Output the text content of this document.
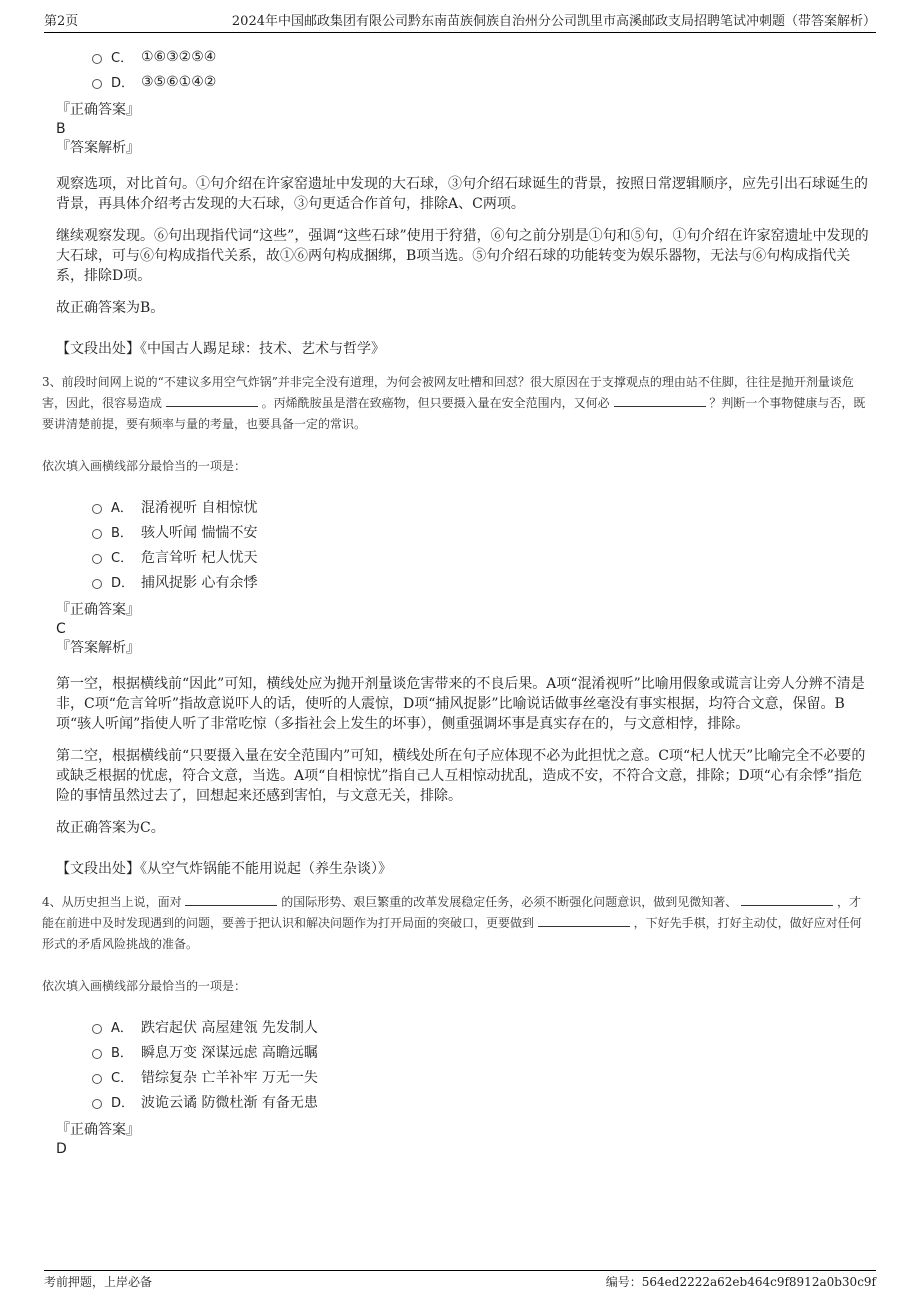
第2页	2024年中国邮政集团有限公司黔东南苗族侗族自治州分公司凯里市高溪邮政支局招聘笔试冲刺题（带答案解析）
C． ①⑥③②⑤④
D． ③⑤⑥①④②
『正确答案』
B
『答案解析』
观察选项，对比首句。①句介绍在许家窑遗址中发现的大石球，③句介绍石球诞生的背景，按照日常逻辑顺序，应先引出石球诞生的背景，再具体介绍考古发现的大石球，③句更适合作首句，排除A、C两项。
继续观察发现。⑥句出现指代词“这些”，强调“这些石球”使用于狩猎，⑥句之前分别是①句和⑤句，①句介绍在许家窑遗址中发现的大石球，可与⑥句构成指代关系，故①⑥两句构成捆绑，B项当选。⑤句介绍石球的功能转变为娱乐器物，无法与⑥句构成指代关系，排除D项。
故正确答案为B。
【文段出处】《中国古人踢足球：技术、艺术与哲学》
3、前段时间网上说的“不建议多用空气炸锅”并非完全没有道理，为何会被网友吐槽和回怼？很大原因在于支撑观点的理由站不住脚，往往是抛开剂量谈危害，因此，很容易造成	。丙烯酰胺虽是潜在致癌物，但只要摄入量在安全范围内，又何必	？判断一个事物健康与否，既要讲清楚前提，要有频率与量的考量，也要具备一定的常识。
依次填入画横线部分最恰当的一项是：
A． 混淆视听 自相惊忧
B． 骇人听闻 惴惴不安
C． 危言耸听 杞人忧天
D． 捕风捉影 心有余悸
『正确答案』
C
『答案解析』
第一空，根据横线前“因此”可知，横线处应为抛开剂量谈危害带来的不良后果。A项“混淆视听”比喻用假象或谎言让旁人分辨不清是非，C项“危言耸听”指故意说吓人的话，使听的人震惊，D项“捕风捉影”比喻说话做事丝毫没有事实根据，均符合文意，保留。B项“骇人听闻”指使人听了非常吃惊（多指社会上发生的坏事），侧重强调坏事是真实存在的，与文意相悖，排除。
第二空，根据横线前“只要摄入量在安全范围内”可知，横线处所在句子应体现不必为此担忧之意。C项“杞人忧天”比喻完全不必要的或缺乏根据的忧虑，符合文意，当选。A项“自相惊忧”指自己人互相惊动扰乱，造成不安，不符合文意，排除；D项“心有余悸”指危险的事情虽然过去了，回想起来还感到害怕，与文意无关，排除。
故正确答案为C。
【文段出处】《从空气炸锅能不能用说起（养生杂谈）》
4、从历史担当上说，面对	的国际形势、艰巨繁重的改革发展稳定任务，必须不断强化问题意识，做到见微知著、	，才能在前进中及时发现遇到的问题，要善于把认识和解决问题作为打开局面的突破口，更要做到	，下好先手棋，打好主动仗，做好应对任何形式的矛盾风险挑战的准备。
依次填入画横线部分最恰当的一项是：
A． 跌宕起伏 高屋建瓴 先发制人
B． 瞬息万变 深谋远虑 高瞻远瞩
C． 错综复杂 亡羊补牢 万无一失
D． 波诡云谲 防微杜渐 有备无患
『正确答案』
D
考前押题，上岸必备	编号：564ed2222a62eb464c9f8912a0b30c9f
